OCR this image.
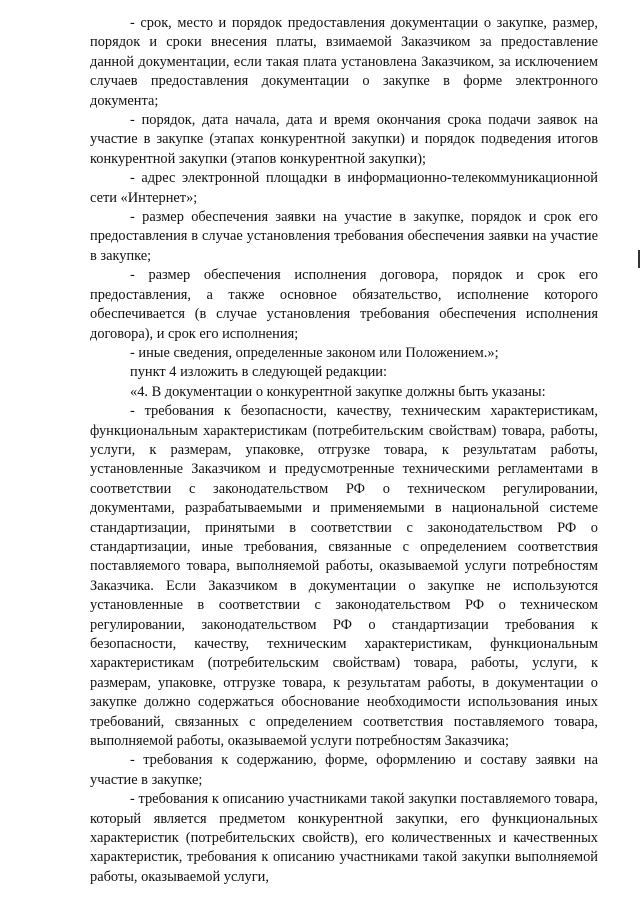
- срок, место и порядок предоставления документации о закупке, размер, порядок и сроки внесения платы, взимаемой Заказчиком за предоставление данной документации, если такая плата установлена Заказчиком, за исключением случаев предоставления документации о закупке в форме электронного документа;

- порядок, дата начала, дата и время окончания срока подачи заявок на участие в закупке (этапах конкурентной закупки) и порядок подведения итогов конкурентной закупки (этапов конкурентной закупки);

- адрес электронной площадки в информационно-телекоммуникационной сети «Интернет»;

- размер обеспечения заявки на участие в закупке, порядок и срок его предоставления в случае установления требования обеспечения заявки на участие в закупке;

- размер обеспечения исполнения договора, порядок и срок его предоставления, а также основное обязательство, исполнение которого обеспечивается (в случае установления требования обеспечения исполнения договора), и срок его исполнения;

- иные сведения, определенные законом или Положением.»;

пункт 4 изложить в следующей редакции:

«4. В документации о конкурентной закупке должны быть указаны:

- требования к безопасности, качеству, техническим характеристикам, функциональным характеристикам (потребительским свойствам) товара, работы, услуги, к размерам, упаковке, отгрузке товара, к результатам работы, установленные Заказчиком и предусмотренные техническими регламентами в соответствии с законодательством РФ о техническом регулировании, документами, разрабатываемыми и применяемыми в национальной системе стандартизации, принятыми в соответствии с законодательством РФ о стандартизации, иные требования, связанные с определением соответствия поставляемого товара, выполняемой работы, оказываемой услуги потребностям Заказчика. Если Заказчиком в документации о закупке не используются установленные в соответствии с законодательством РФ о техническом регулировании, законодательством РФ о стандартизации требования к безопасности, качеству, техническим характеристикам, функциональным характеристикам (потребительским свойствам) товара, работы, услуги, к размерам, упаковке, отгрузке товара, к результатам работы, в документации о закупке должно содержаться обоснование необходимости использования иных требований, связанных с определением соответствия поставляемого товара, выполняемой работы, оказываемой услуги потребностям Заказчика;

- требования к содержанию, форме, оформлению и составу заявки на участие в закупке;

- требования к описанию участниками такой закупки поставляемого товара, который является предметом конкурентной закупки, его функциональных характеристик (потребительских свойств), его количественных и качественных характеристик, требования к описанию участниками такой закупки выполняемой работы, оказываемой услуги,
